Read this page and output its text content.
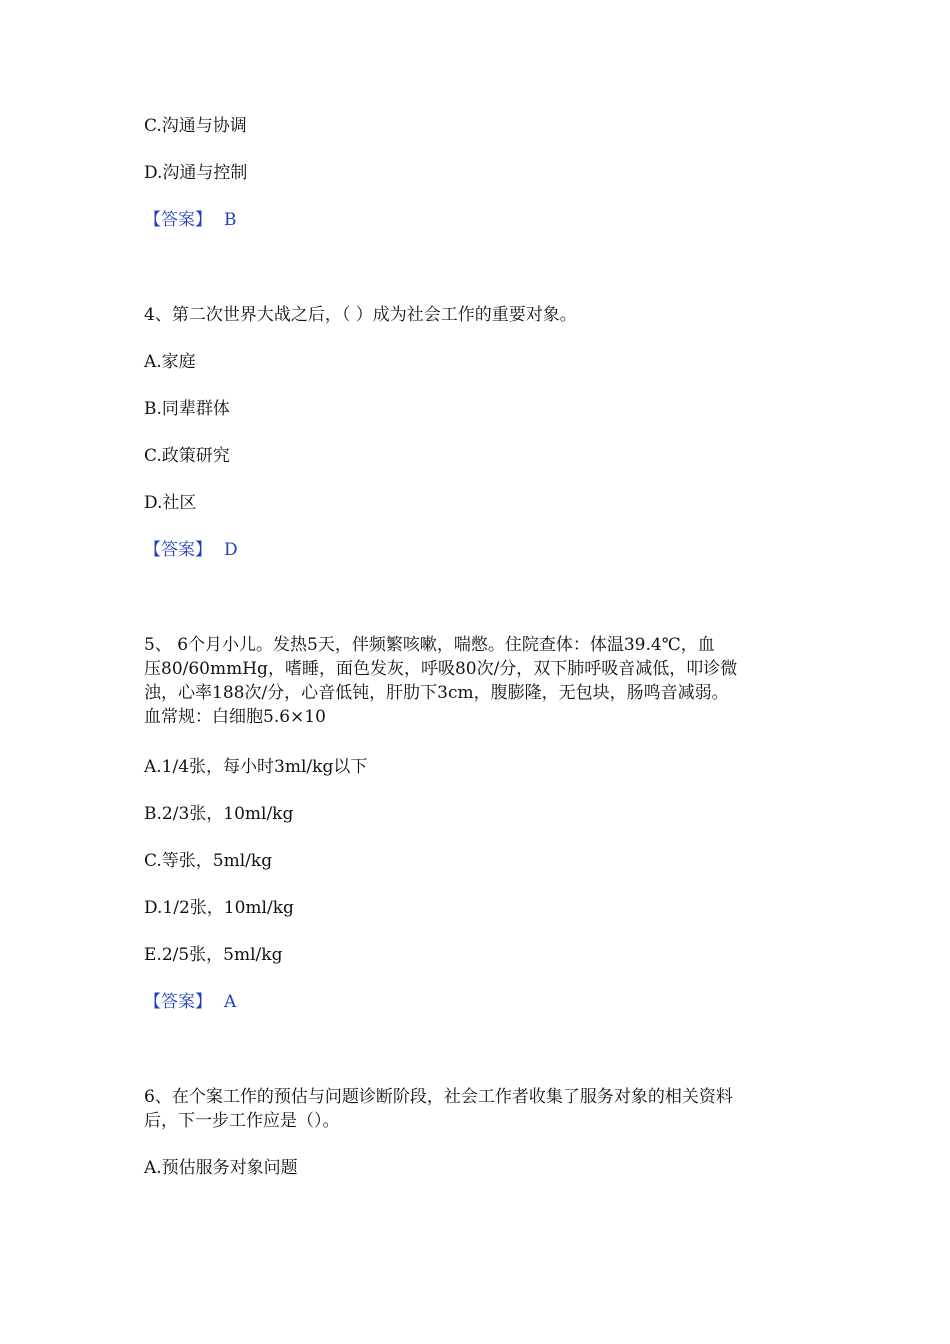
C.沟通与协调
D.沟通与控制
【答案】 B
4、第二次世界大战之后，（ ）成为社会工作的重要对象。
A.家庭
B.同辈群体
C.政策研究
D.社区
【答案】 D
5、 6个月小儿。发热5天，伴频繁咳嗽，喘憋。住院查体：体温39.4℃，血
压80/60mmHg，嗜睡，面色发灰，呼吸80次/分，双下肺呼吸音减低，叩诊微
浊，心率188次/分，心音低钝，肝肋下3cm，腹膨隆，无包块，肠鸣音减弱。
血常规：白细胞5.6×10
A.1/4张，每小时3ml/kg以下
B.2/3张，10ml/kg
C.等张，5ml/kg
D.1/2张，10ml/kg
E.2/5张，5ml/kg
【答案】 A
6、在个案工作的预估与问题诊断阶段，社会工作者收集了服务对象的相关资料
后，下一步工作应是（）。
A.预估服务对象问题
